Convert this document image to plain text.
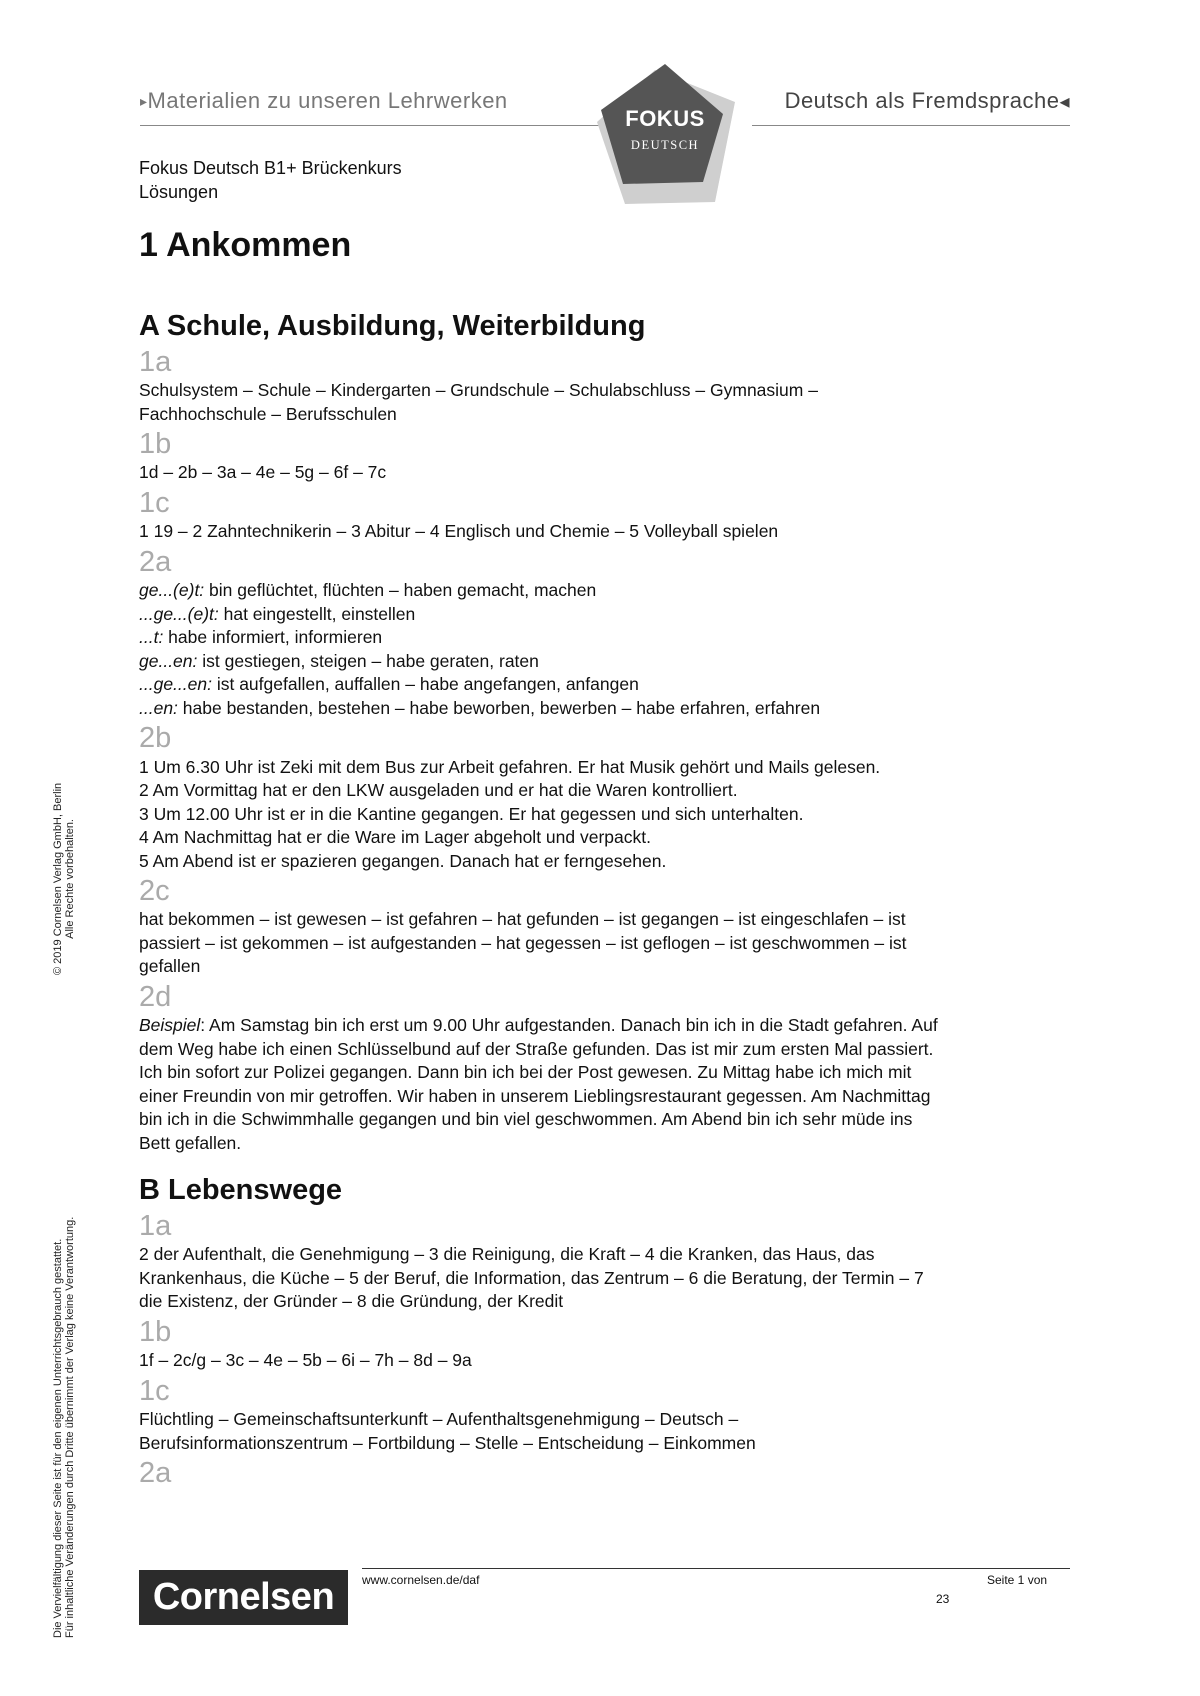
▸Materialien zu unseren Lehrwerken	Deutsch als Fremdsprache◂
FOKUS
DEUTSCH
Fokus Deutsch B1+ Brückenkurs
Lösungen
1 Ankommen
A Schule, Ausbildung, Weiterbildung
1a
Schulsystem – Schule – Kindergarten – Grundschule – Schulabschluss – Gymnasium –
Fachhochschule – Berufsschulen
1b
1d – 2b – 3a – 4e – 5g – 6f – 7c
1c
1 19 – 2 Zahntechnikerin – 3 Abitur – 4 Englisch und Chemie – 5 Volleyball spielen
2a
ge...(e)t: bin geflüchtet, flüchten – haben gemacht, machen
...ge...(e)t: hat eingestellt, einstellen
...t: habe informiert, informieren
ge...en: ist gestiegen, steigen – habe geraten, raten
...ge...en: ist aufgefallen, auffallen – habe angefangen, anfangen
...en: habe bestanden, bestehen – habe beworben, bewerben – habe erfahren, erfahren
2b
1 Um 6.30 Uhr ist Zeki mit dem Bus zur Arbeit gefahren. Er hat Musik gehört und Mails gelesen.
2 Am Vormittag hat er den LKW ausgeladen und er hat die Waren kontrolliert.
3 Um 12.00 Uhr ist er in die Kantine gegangen. Er hat gegessen und sich unterhalten.
4 Am Nachmittag hat er die Ware im Lager abgeholt und verpackt.
5 Am Abend ist er spazieren gegangen. Danach hat er ferngesehen.
2c
hat bekommen – ist gewesen – ist gefahren – hat gefunden – ist gegangen – ist eingeschlafen – ist
passiert – ist gekommen – ist aufgestanden – hat gegessen – ist geflogen – ist geschwommen – ist
gefallen
2d
Beispiel: Am Samstag bin ich erst um 9.00 Uhr aufgestanden. Danach bin ich in die Stadt gefahren. Auf
dem Weg habe ich einen Schlüsselbund auf der Straße gefunden. Das ist mir zum ersten Mal passiert.
Ich bin sofort zur Polizei gegangen. Dann bin ich bei der Post gewesen. Zu Mittag habe ich mich mit
einer Freundin von mir getroffen. Wir haben in unserem Lieblingsrestaurant gegessen. Am Nachmittag
bin ich in die Schwimmhalle gegangen und bin viel geschwommen. Am Abend bin ich sehr müde ins
Bett gefallen.
B Lebenswege
1a
2 der Aufenthalt, die Genehmigung – 3 die Reinigung, die Kraft – 4 die Kranken, das Haus, das
Krankenhaus, die Küche – 5 der Beruf, die Information, das Zentrum – 6 die Beratung, der Termin – 7
die Existenz, der Gründer – 8 die Gründung, der Kredit
1b
1f – 2c/g – 3c – 4e – 5b – 6i – 7h – 8d – 9a
1c
Flüchtling – Gemeinschaftsunterkunft – Aufenthaltsgenehmigung – Deutsch –
Berufsinformationszentrum – Fortbildung – Stelle – Entscheidung – Einkommen
2a
© 2019 Cornelsen Verlag GmbH, Berlin Alle Rechte vorbehalten.
Die Vervielfältigung dieser Seite ist für den eigenen Unterrichtsgebrauch gestattet. Für inhaltliche Veränderungen durch Dritte übernimmt der Verlag keine Verantwortung.	Cornelsen	www.cornelsen.de/daf	Seite 1 von
23
